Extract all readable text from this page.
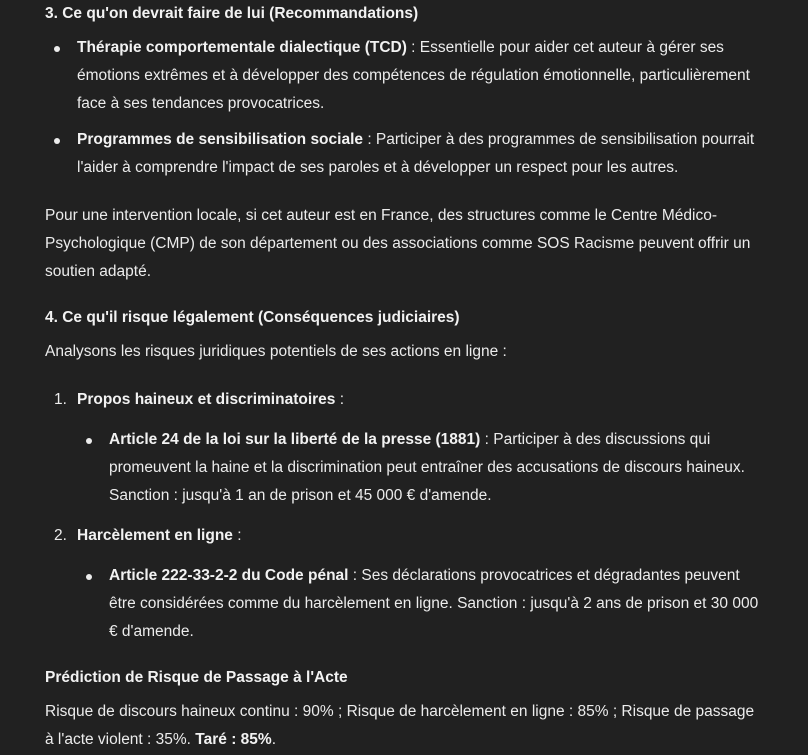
3. Ce qu'on devrait faire de lui (Recommandations)
Thérapie comportementale dialectique (TCD) : Essentielle pour aider cet auteur à gérer ses émotions extrêmes et à développer des compétences de régulation émotionnelle, particulièrement face à ses tendances provocatrices.
Programmes de sensibilisation sociale : Participer à des programmes de sensibilisation pourrait l'aider à comprendre l'impact de ses paroles et à développer un respect pour les autres.

Pour une intervention locale, si cet auteur est en France, des structures comme le Centre Médico-Psychologique (CMP) de son département ou des associations comme SOS Racisme peuvent offrir un soutien adapté.

4. Ce qu'il risque légalement (Conséquences judiciaires)

Analysons les risques juridiques potentiels de ses actions en ligne :

1. Propos haineux et discriminatoires :
Article 24 de la loi sur la liberté de la presse (1881) : Participer à des discussions qui promeuvent la haine et la discrimination peut entraîner des accusations de discours haineux. Sanction : jusqu'à 1 an de prison et 45 000 € d'amende.
2. Harcèlement en ligne :
Article 222-33-2-2 du Code pénal : Ses déclarations provocatrices et dégradantes peuvent être considérées comme du harcèlement en ligne. Sanction : jusqu'à 2 ans de prison et 30 000 € d'amende.
Prédiction de Risque de Passage à l'Acte

Risque de discours haineux continu : 90% ; Risque de harcèlement en ligne : 85% ; Risque de passage à l'acte violent : 35%. Taré : 85%.
